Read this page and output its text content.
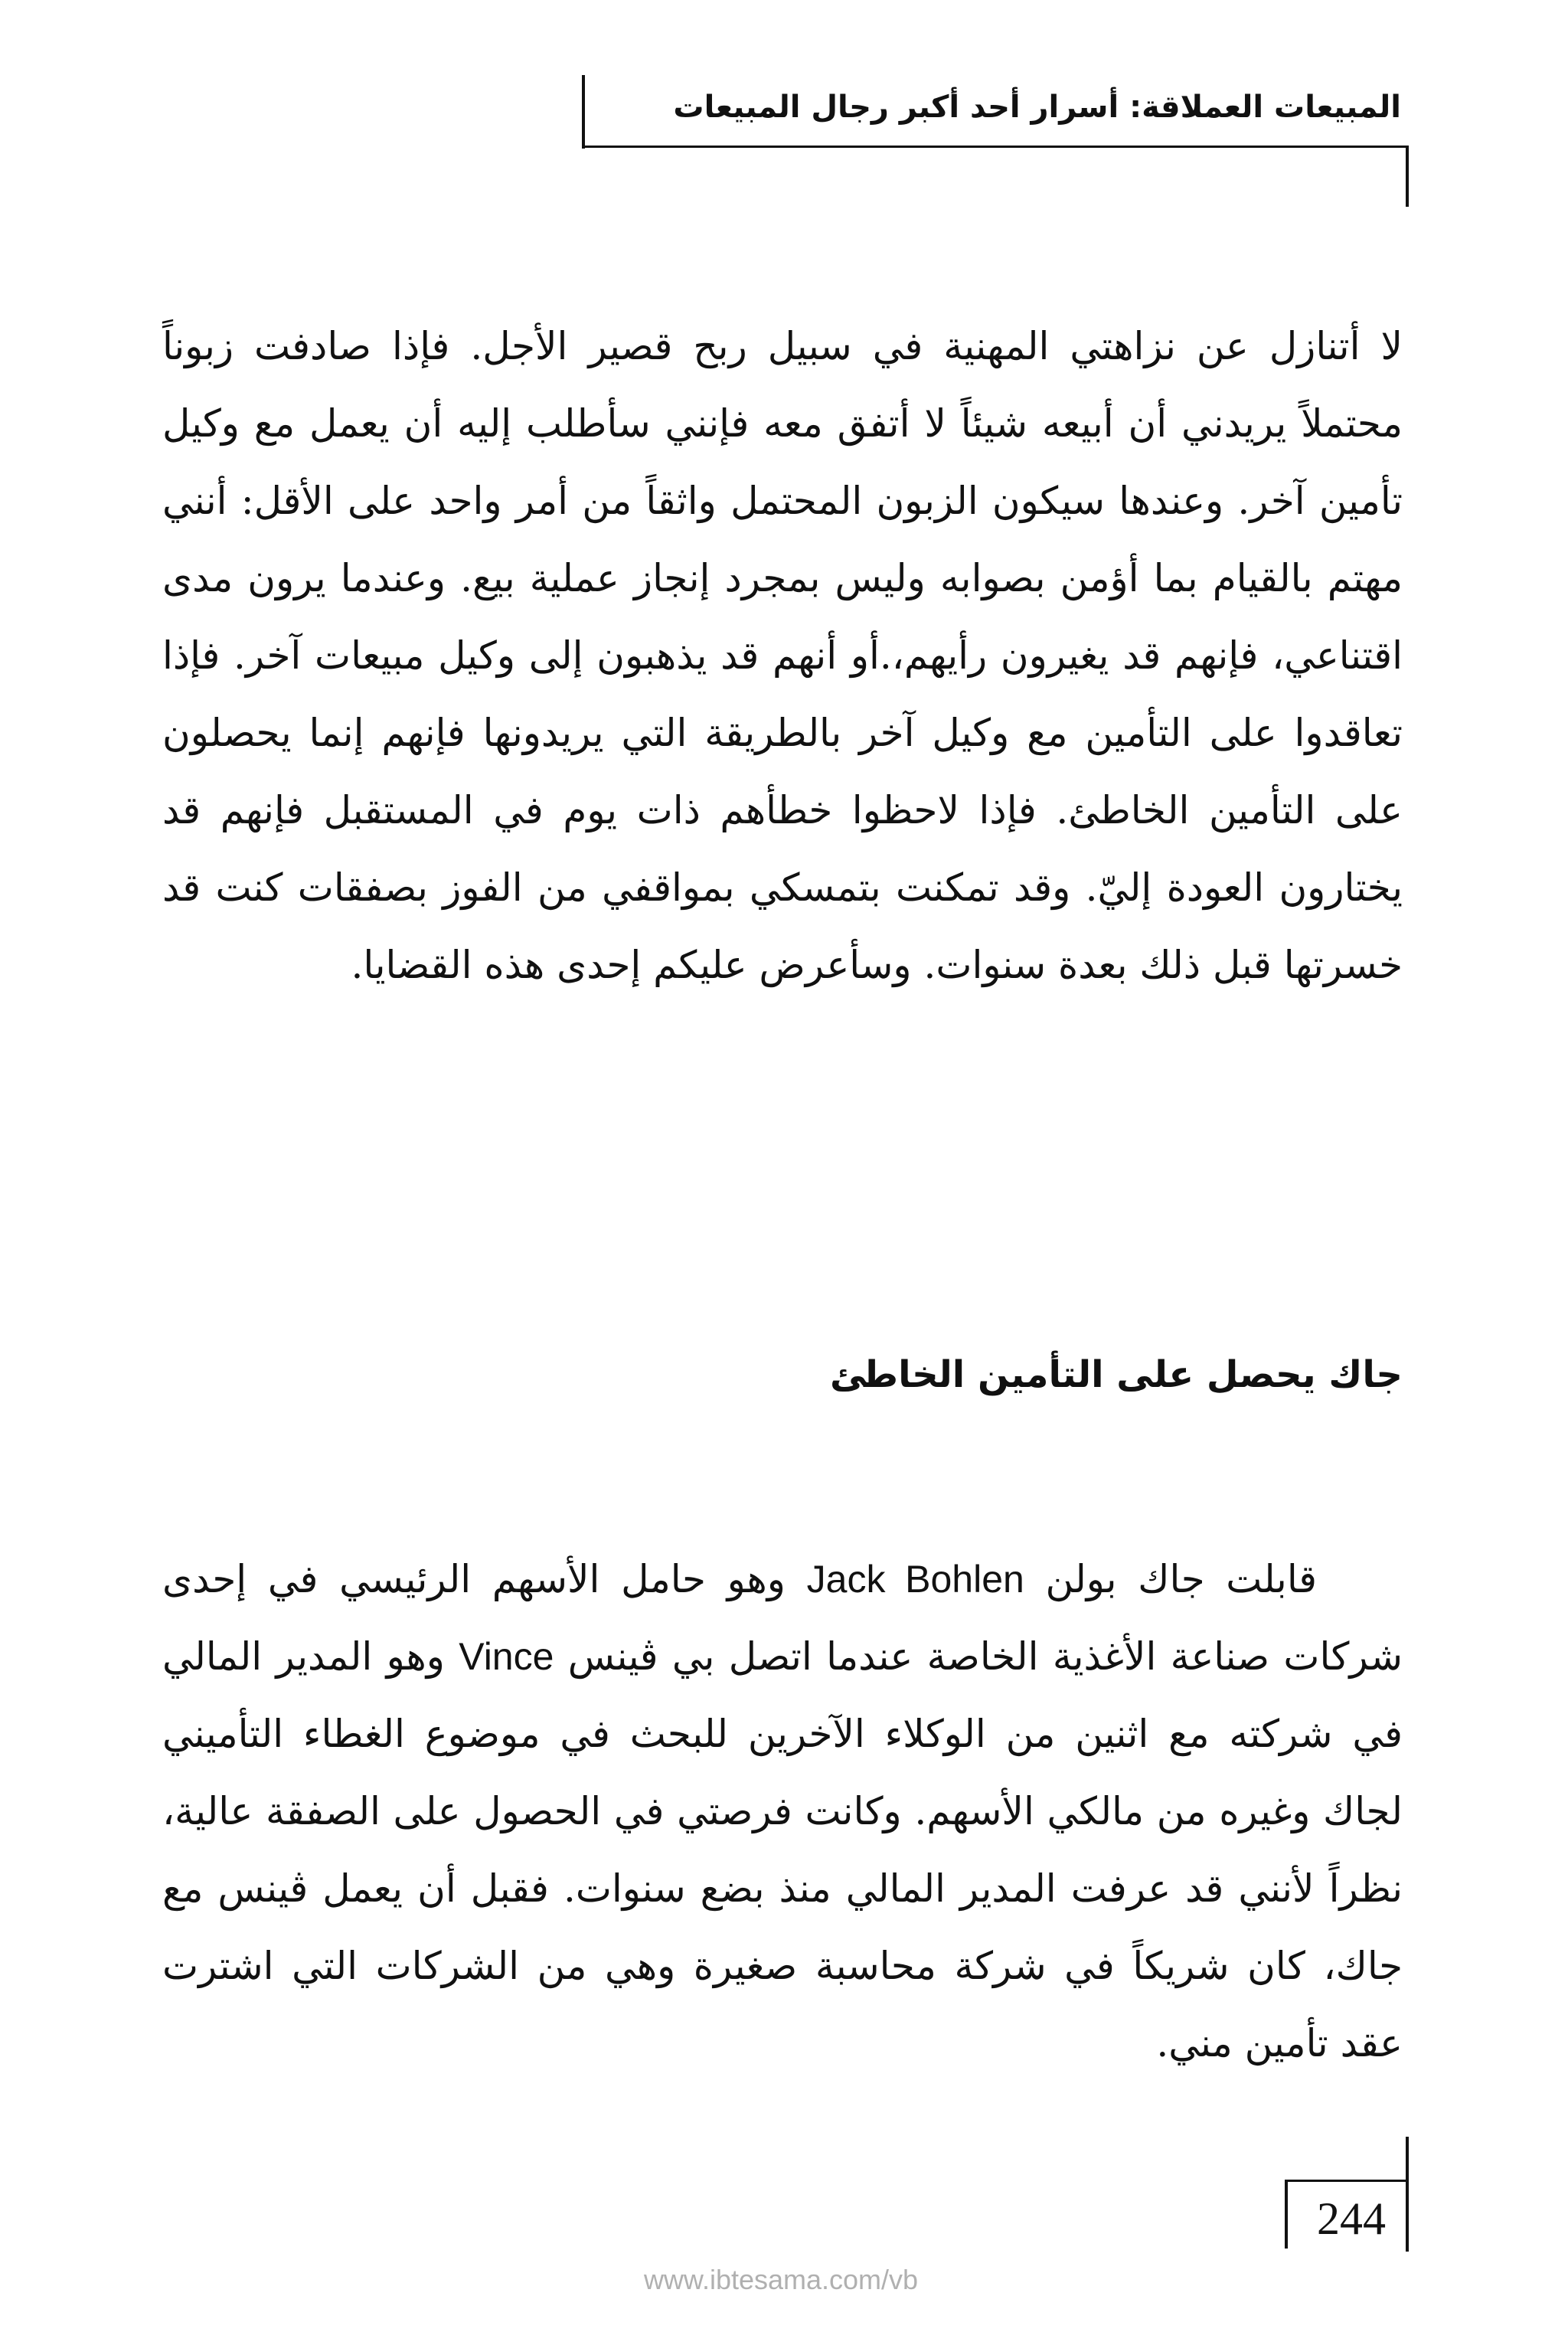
المبيعات العملاقة: أسرار أحد أكبر رجال المبيعات

لا أتنازل عن نزاهتي المهنية في سبيل ربح قصير الأجل. فإذا صادفت زبوناً محتملاً يريدني أن أبيعه شيئاً لا أتفق معه فإنني سأطلب إليه أن يعمل مع وكيل تأمين آخر. وعندها سيكون الزبون المحتمل واثقاً من أمر واحد على الأقل: أنني مهتم بالقيام بما أؤمن بصوابه وليس بمجرد إنجاز عملية بيع. وعندما يرون مدى اقتناعي، فإنهم قد يغيرون رأيهم،.أو أنهم قد يذهبون إلى وكيل مبيعات آخر. فإذا تعاقدوا على التأمين مع وكيل آخر بالطريقة التي يريدونها فإنهم إنما يحصلون على التأمين الخاطئ. فإذا لاحظوا خطأهم ذات يوم في المستقبل فإنهم قد يختارون العودة إليّ. وقد تمكنت بتمسكي بمواقفي من الفوز بصفقات كنت قد خسرتها قبل ذلك بعدة سنوات. وسأعرض عليكم إحدى هذه القضايا.

جاك يحصل على التأمين الخاطئ

قابلت جاك بولن Jack Bohlen وهو حامل الأسهم الرئيسي في إحدى شركات صناعة الأغذية الخاصة عندما اتصل بي ڤينس Vince وهو المدير المالي في شركته مع اثنين من الوكلاء الآخرين للبحث في موضوع الغطاء التأميني لجاك وغيره من مالكي الأسهم. وكانت فرصتي في الحصول على الصفقة عالية، نظراً لأنني قد عرفت المدير المالي منذ بضع سنوات. فقبل أن يعمل ڤينس مع جاك، كان شريكاً في شركة محاسبة صغيرة وهي من الشركات التي اشترت عقد تأمين مني.

244
www.ibtesama.com/vb
